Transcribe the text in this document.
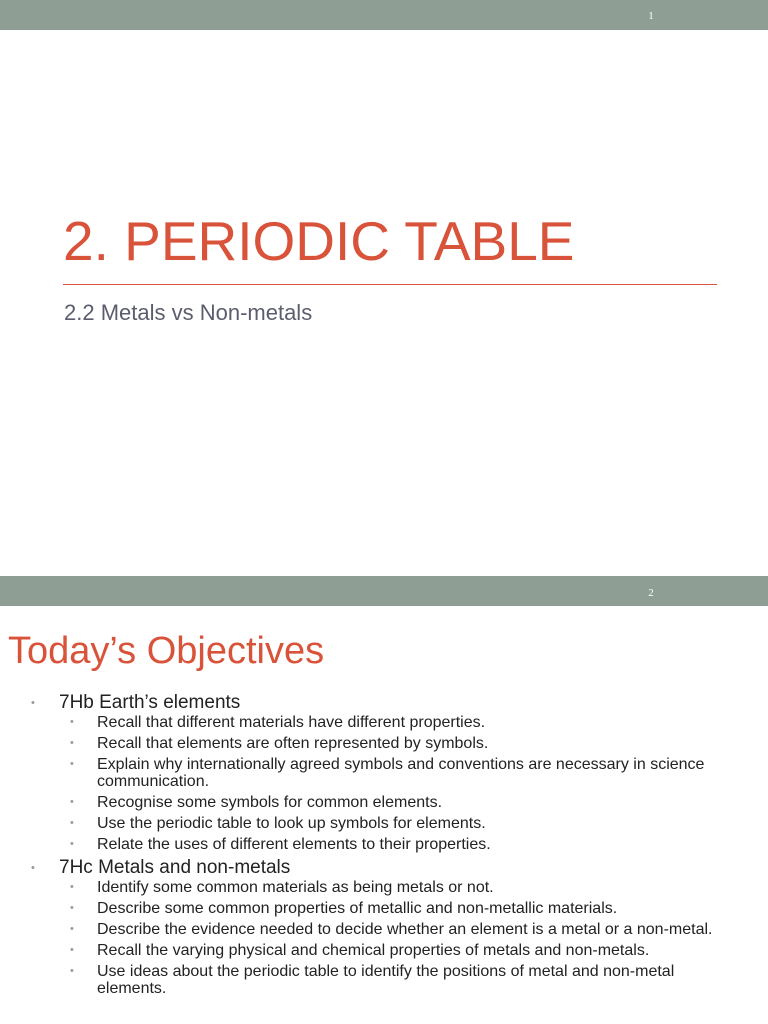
1
2. PERIODIC TABLE

2.2 Metals vs Non-metals

2
Today’s Objectives
• 7Hb Earth’s elements
• Recall that different materials have different properties.
• Recall that elements are often represented by symbols.
• Explain why internationally agreed symbols and conventions are necessary in science communication.
• Recognise some symbols for common elements.
• Use the periodic table to look up symbols for elements.
• Relate the uses of different elements to their properties.
• 7Hc Metals and non-metals
• Identify some common materials as being metals or not.
• Describe some common properties of metallic and non-metallic materials.
• Describe the evidence needed to decide whether an element is a metal or a non-metal.
• Recall the varying physical and chemical properties of metals and non-metals.
• Use ideas about the periodic table to identify the positions of metal and non-metal elements.
